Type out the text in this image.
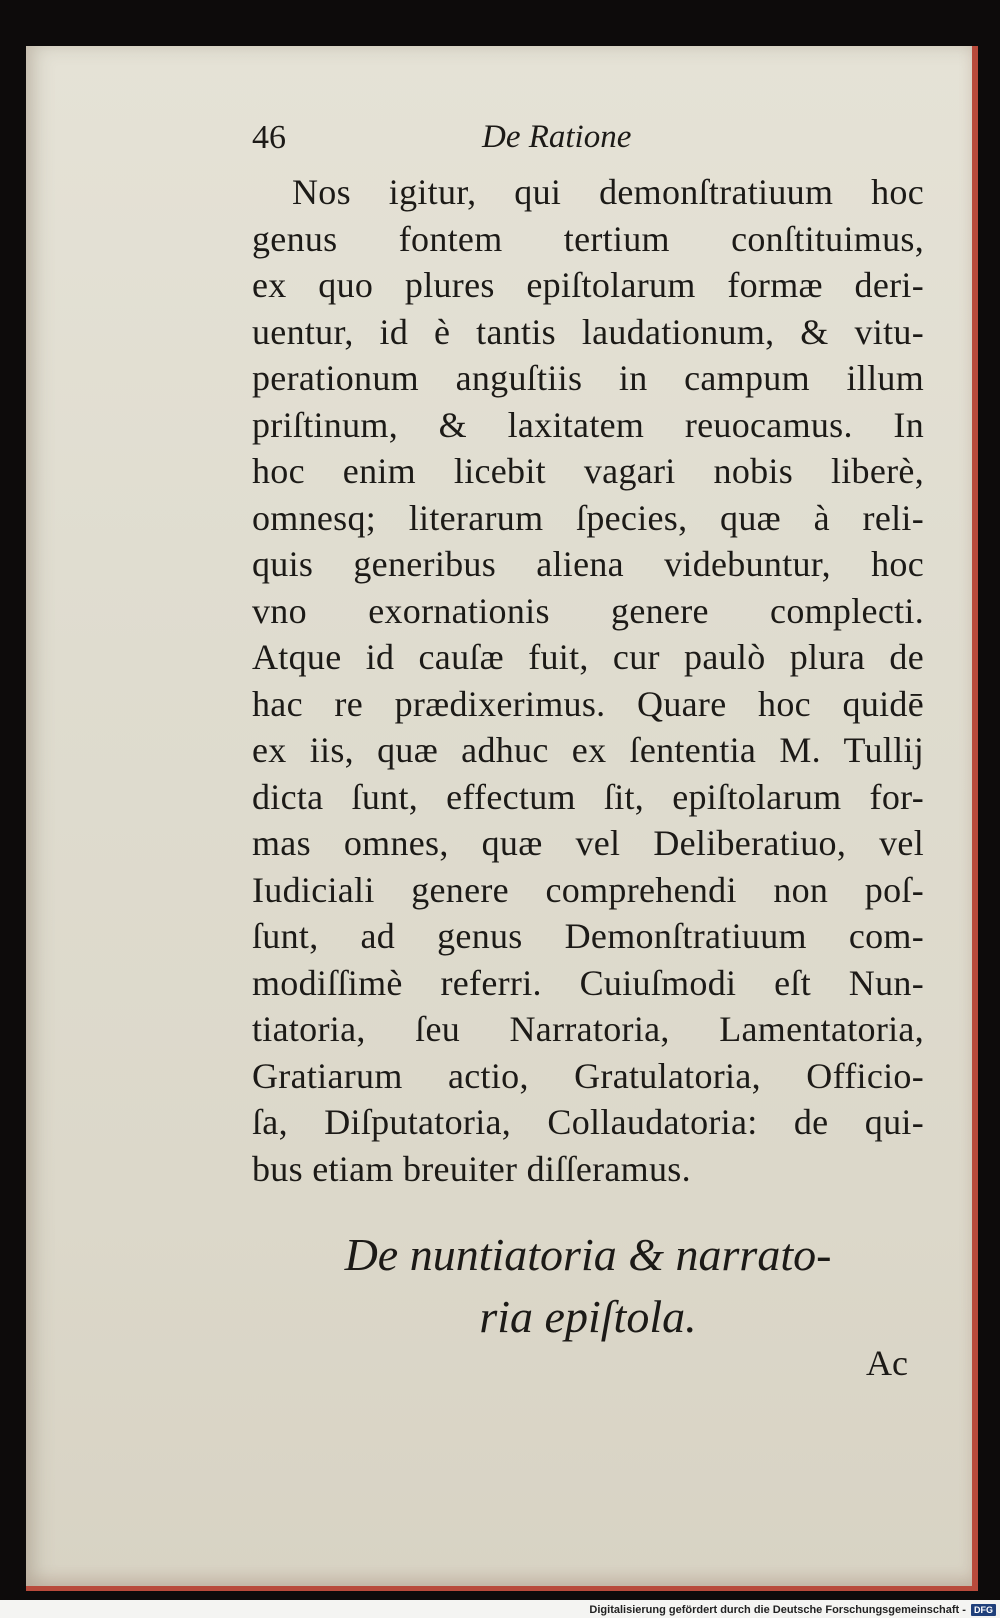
46	De Ratione
Nos igitur, qui demonſtratiuum hoc
genus fontem tertium conſtituimus,
ex quo plures epiſtolarum formæ deri-
uentur, id è tantis laudationum, & vitu-
perationum anguſtiis in campum illum
priſtinum, & laxitatem reuocamus. In
hoc enim licebit vagari nobis liberè,
omnesq; literarum ſpecies, quæ à reli-
quis generibus aliena videbuntur, hoc
vno exornationis genere complecti.
Atque id cauſæ fuit, cur paulò plura de
hac re prædixerimus. Quare hoc quidē
ex iis, quæ adhuc ex ſententia M. Tullij
dicta ſunt, effectum ſit, epiſtolarum for-
mas omnes, quæ vel Deliberatiuo, vel
Iudiciali genere comprehendi non poſ-
ſunt, ad genus Demonſtratiuum com-
modiſſimè referri. Cuiuſmodi eſt Nun-
tiatoria, ſeu Narratoria, Lamentatoria,
Gratiarum actio, Gratulatoria, Officio-
ſa, Diſputatoria, Collaudatoria: de qui-
bus etiam breuiter diſſeramus.
De nuntiatoria & narrato-
ria epiſtola.
Ac
Digitalisierung gefördert durch die Deutsche Forschungsgemeinschaft - DFG
